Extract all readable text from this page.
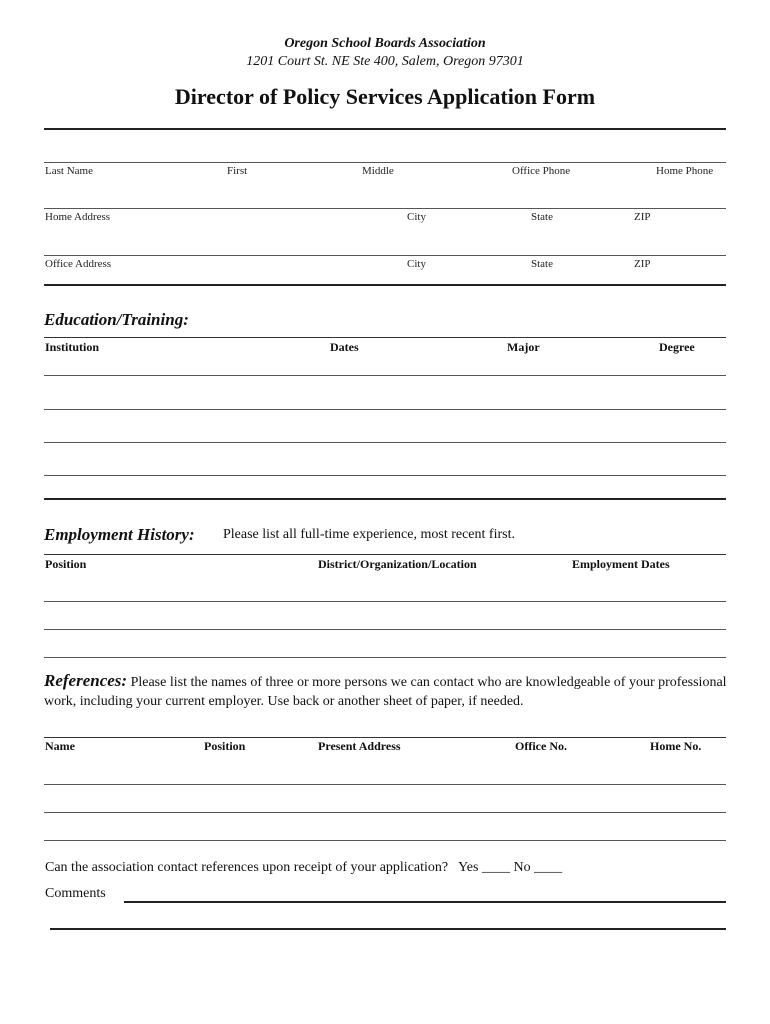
Oregon School Boards Association
1201 Court St. NE Ste 400, Salem, Oregon 97301
Director of Policy Services Application Form
Last Name	First	Middle	Office Phone	Home Phone
Home Address	City	State	ZIP
Office Address	City	State	ZIP
Education/Training:
Institution	Dates	Major	Degree
Employment History: Please list all full-time experience, most recent first.
Position	District/Organization/Location	Employment Dates
References: Please list the names of three or more persons we can contact who are knowledgeable of your professional work, including your current employer. Use back or another sheet of paper, if needed.
Name	Position	Present Address	Office No.	Home No.
Can the association contact references upon receipt of your application?   Yes ____ No ____
Comments
